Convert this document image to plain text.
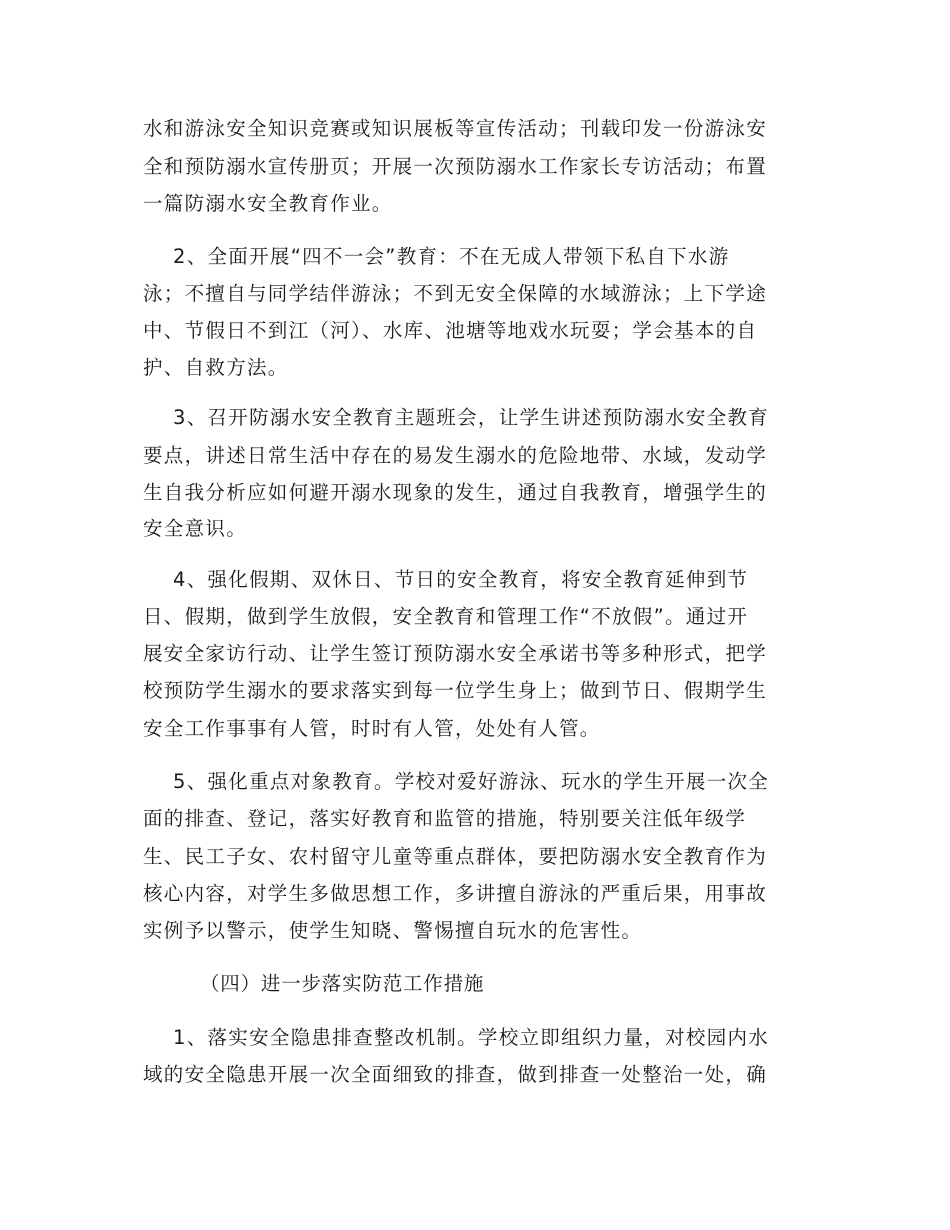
水和游泳安全知识竞赛或知识展板等宣传活动；刊载印发一份游泳安
全和预防溺水宣传册页；开展一次预防溺水工作家长专访活动；布置
一篇防溺水安全教育作业。
2、全面开展“四不一会”教育：不在无成人带领下私自下水游
泳；不擅自与同学结伴游泳；不到无安全保障的水域游泳；上下学途
中、节假日不到江（河）、水库、池塘等地戏水玩耍；学会基本的自
护、自救方法。
3、召开防溺水安全教育主题班会，让学生讲述预防溺水安全教育
要点，讲述日常生活中存在的易发生溺水的危险地带、水域，发动学
生自我分析应如何避开溺水现象的发生，通过自我教育，增强学生的
安全意识。
4、强化假期、双休日、节日的安全教育，将安全教育延伸到节
日、假期，做到学生放假，安全教育和管理工作“不放假”。通过开
展安全家访行动、让学生签订预防溺水安全承诺书等多种形式，把学
校预防学生溺水的要求落实到每一位学生身上；做到节日、假期学生
安全工作事事有人管，时时有人管，处处有人管。
5、强化重点对象教育。学校对爱好游泳、玩水的学生开展一次全
面的排查、登记，落实好教育和监管的措施，特别要关注低年级学
生、民工子女、农村留守儿童等重点群体，要把防溺水安全教育作为
核心内容，对学生多做思想工作，多讲擅自游泳的严重后果，用事故
实例予以警示，使学生知晓、警惕擅自玩水的危害性。
（四）进一步落实防范工作措施
1、落实安全隐患排查整改机制。学校立即组织力量，对校园内水
域的安全隐患开展一次全面细致的排查，做到排查一处整治一处，确
